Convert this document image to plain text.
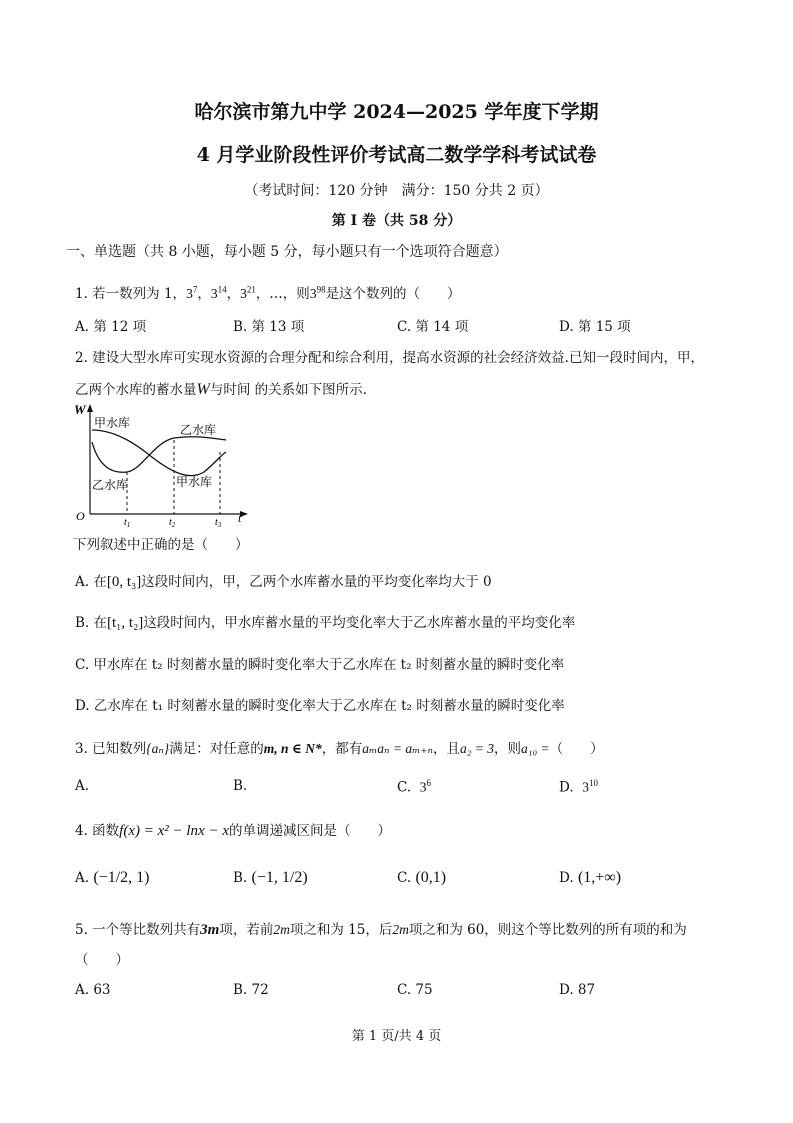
哈尔滨市第九中学 2024—2025 学年度下学期
4 月学业阶段性评价考试高二数学学科考试试卷
（考试时间：120 分钟　满分：150 分共 2 页）
第 I 卷（共 58 分）
一、单选题（共 8 小题，每小题 5 分，每小题只有一个选项符合题意）
1. 若一数列为 1，$3^7$，$3^{14}$，$3^{21}$，…，则$3^{98}$是这个数列的（　　）
A. 第 12 项	B. 第 13 项	C. 第 14 项	D. 第 15 项
2. 建设大型水库可实现水资源的合理分配和综合利用，提高水资源的社会经济效益.已知一段时间内，甲，
乙两个水库的蓄水量W与时间 的关系如下图所示.
W
O	t
$t_1$	$t_2$	$t_3$
甲水库	乙水库
乙水库	甲水库
下列叙述中正确的是（　　）
A. 在[0, t₃]这段时间内，甲，乙两个水库蓄水量的平均变化率均大于 0
B. 在[t₁, t₂]这段时间内，甲水库蓄水量的平均变化率大于乙水库蓄水量的平均变化率
C. 甲水库在 t₂ 时刻蓄水量的瞬时变化率大于乙水库在 t₂ 时刻蓄水量的瞬时变化率
D. 乙水库在 t₁ 时刻蓄水量的瞬时变化率大于乙水库在 t₂ 时刻蓄水量的瞬时变化率
3. 已知数列{aₙ}满足：对任意的m, n ∈ N*，都有aₘaₙ = aₘ₊ₙ，且a₂ = 3，则a₁₀ =（　　）
A.	B.	C. $3^6$	D. $3^{10}$
4. 函数f(x) = x² − lnx − x的单调递减区间是（　　）
A. (−1/2, 1)	B. (−1, 1/2)	C. (0,1)	D. (1,+∞)
5. 一个等比数列共有3m项，若前2m项之和为 15，后2m项之和为 60，则这个等比数列的所有项的和为
（　　）
A. 63	B. 72	C. 75	D. 87
第 1 页/共 4 页
